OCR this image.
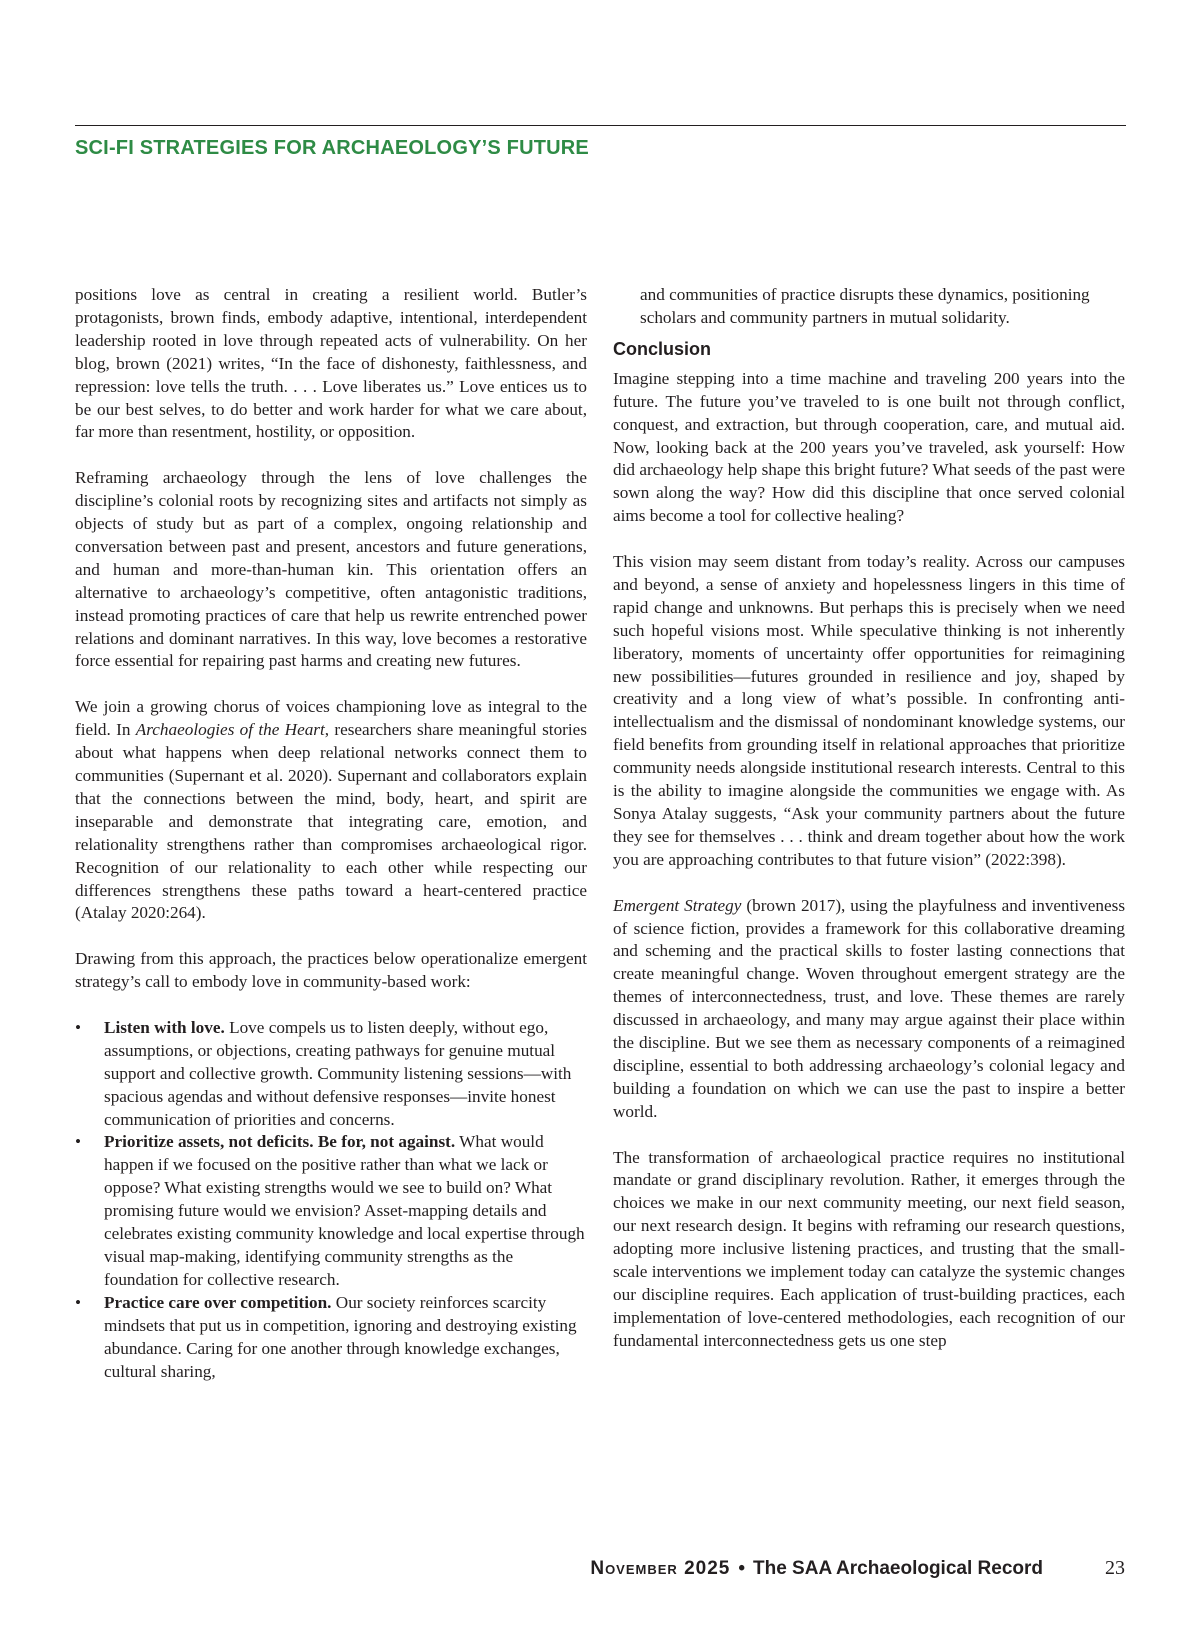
SCI-FI STRATEGIES FOR ARCHAEOLOGY’S FUTURE

positions love as central in creating a resilient world. Butler’s protagonists, brown finds, embody adaptive, intentional, interdependent leadership rooted in love through repeated acts of vulnerability. On her blog, brown (2021) writes, “In the face of dishonesty, faithlessness, and repression: love tells the truth. . . . Love liberates us.” Love entices us to be our best selves, to do better and work harder for what we care about, far more than resentment, hostility, or opposition.

Reframing archaeology through the lens of love challenges the discipline’s colonial roots by recognizing sites and artifacts not simply as objects of study but as part of a complex, ongoing relationship and conversation between past and present, ancestors and future generations, and human and more-than-human kin. This orientation offers an alternative to archaeology’s competitive, often antagonistic traditions, instead promoting practices of care that help us rewrite entrenched power relations and dominant narratives. In this way, love becomes a restorative force essential for repairing past harms and creating new futures.

We join a growing chorus of voices championing love as integral to the field. In Archaeologies of the Heart, researchers share meaningful stories about what happens when deep relational networks connect them to communities (Supernant et al. 2020). Supernant and collaborators explain that the connections between the mind, body, heart, and spirit are inseparable and demonstrate that integrating care, emotion, and relationality strengthens rather than compromises archaeological rigor. Recognition of our relationality to each other while respecting our differences strengthens these paths toward a heart-centered practice (Atalay 2020:264).

Drawing from this approach, the practices below operationalize emergent strategy’s call to embody love in community-based work:

• Listen with love. Love compels us to listen deeply, without ego, assumptions, or objections, creating pathways for genuine mutual support and collective growth. Community listening sessions—with spacious agendas and without defensive responses—invite honest communication of priorities and concerns.
• Prioritize assets, not deficits. Be for, not against. What would happen if we focused on the positive rather than what we lack or oppose? What existing strengths would we see to build on? What promising future would we envision? Asset-mapping details and celebrates existing community knowledge and local expertise through visual map-making, identifying community strengths as the foundation for collective research.
• Practice care over competition. Our society reinforces scarcity mindsets that put us in competition, ignoring and destroying existing abundance. Caring for one another through knowledge exchanges, cultural sharing,

and communities of practice disrupts these dynamics, positioning scholars and community partners in mutual solidarity.

Conclusion

Imagine stepping into a time machine and traveling 200 years into the future. The future you’ve traveled to is one built not through conflict, conquest, and extraction, but through cooperation, care, and mutual aid. Now, looking back at the 200 years you’ve traveled, ask yourself: How did archaeology help shape this bright future? What seeds of the past were sown along the way? How did this discipline that once served colonial aims become a tool for collective healing?

This vision may seem distant from today’s reality. Across our campuses and beyond, a sense of anxiety and hopelessness lingers in this time of rapid change and unknowns. But perhaps this is precisely when we need such hopeful visions most. While speculative thinking is not inherently liberatory, moments of uncertainty offer opportunities for reimagining new possibilities—futures grounded in resilience and joy, shaped by creativity and a long view of what’s possible. In confronting anti-intellectualism and the dismissal of nondominant knowledge systems, our field benefits from grounding itself in relational approaches that prioritize community needs alongside institutional research interests. Central to this is the ability to imagine alongside the communities we engage with. As Sonya Atalay suggests, “Ask your community partners about the future they see for themselves . . . think and dream together about how the work you are approaching contributes to that future vision” (2022:398).

Emergent Strategy (brown 2017), using the playfulness and inventiveness of science fiction, provides a framework for this collaborative dreaming and scheming and the practical skills to foster lasting connections that create meaningful change. Woven throughout emergent strategy are the themes of interconnectedness, trust, and love. These themes are rarely discussed in archaeology, and many may argue against their place within the discipline. But we see them as necessary components of a reimagined discipline, essential to both addressing archaeology’s colonial legacy and building a foundation on which we can use the past to inspire a better world.

The transformation of archaeological practice requires no institutional mandate or grand disciplinary revolution. Rather, it emerges through the choices we make in our next community meeting, our next field season, our next research design. It begins with reframing our research questions, adopting more inclusive listening practices, and trusting that the small-scale interventions we implement today can catalyze the systemic changes our discipline requires. Each application of trust-building practices, each implementation of love-centered methodologies, each recognition of our fundamental interconnectedness gets us one step

November 2025 • The SAA Archaeological Record	23
